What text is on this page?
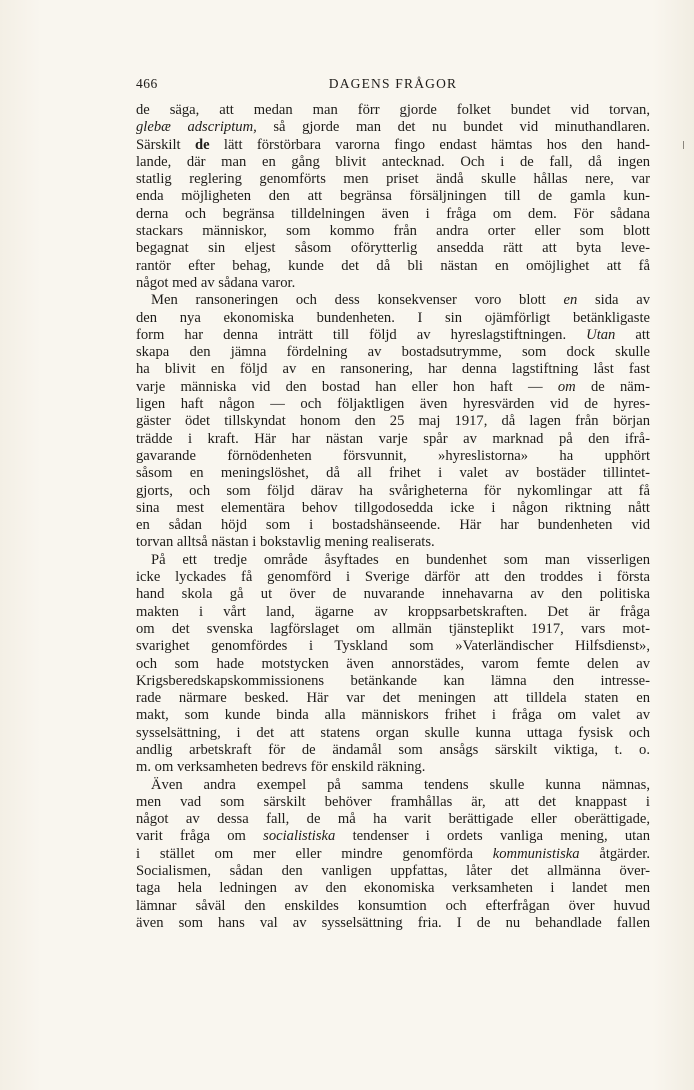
466	DAGENS FRÅGOR
de säga, att medan man förr gjorde folket bundet vid torvan,
glebæ adscriptum, så gjorde man det nu bundet vid minuthandlaren.
Särskilt de lätt förstörbara varorna fingo endast hämtas hos den hand-
lande, där man en gång blivit antecknad. Och i de fall, då ingen
statlig reglering genomförts men priset ändå skulle hållas nere, var
enda möjligheten den att begränsa försäljningen till de gamla kun-
derna och begränsa tilldelningen även i fråga om dem. För sådana
stackars människor, som kommo från andra orter eller som blott
begagnat sin eljest såsom oförytterlig ansedda rätt att byta leve-
rantör efter behag, kunde det då bli nästan en omöjlighet att få
något med av sådana varor.
Men ransoneringen och dess konsekvenser voro blott en sida av
den nya ekonomiska bundenheten. I sin ojämförligt betänkligaste
form har denna inträtt till följd av hyreslagstiftningen. Utan att
skapa den jämna fördelning av bostadsutrymme, som dock skulle
ha blivit en följd av en ransonering, har denna lagstiftning låst fast
varje människa vid den bostad han eller hon haft — om de näm-
ligen haft någon — och följaktligen även hyresvärden vid de hyres-
gäster ödet tillskyndat honom den 25 maj 1917, då lagen från början
trädde i kraft. Här har nästan varje spår av marknad på den ifrå-
gavarande förnödenheten försvunnit, »hyreslistorna» ha upphört
såsom en meningslöshet, då all frihet i valet av bostäder tillintet-
gjorts, och som följd därav ha svårigheterna för nykomlingar att få
sina mest elementära behov tillgodosedda icke i någon riktning nått
en sådan höjd som i bostadshänseende. Här har bundenheten vid
torvan alltså nästan i bokstavlig mening realiserats.
På ett tredje område åsyftades en bundenhet som man visserligen
icke lyckades få genomförd i Sverige därför att den troddes i första
hand skola gå ut över de nuvarande innehavarna av den politiska
makten i vårt land, ägarne av kroppsarbetskraften. Det är fråga
om det svenska lagförslaget om allmän tjänsteplikt 1917, vars mot-
svarighet genomfördes i Tyskland som »Vaterländischer Hilfsdienst»,
och som hade motstycken även annorstädes, varom femte delen av
Krigsberedskapskommissionens betänkande kan lämna den intresse-
rade närmare besked. Här var det meningen att tilldela staten en
makt, som kunde binda alla människors frihet i fråga om valet av
sysselsättning, i det att statens organ skulle kunna uttaga fysisk och
andlig arbetskraft för de ändamål som ansågs särskilt viktiga, t. o.
m. om verksamheten bedrevs för enskild räkning.
Även andra exempel på samma tendens skulle kunna nämnas,
men vad som särskilt behöver framhållas är, att det knappast i
något av dessa fall, de må ha varit berättigade eller oberättigade,
varit fråga om socialistiska tendenser i ordets vanliga mening, utan
i stället om mer eller mindre genomförda kommunistiska åtgärder.
Socialismen, sådan den vanligen uppfattas, låter det allmänna över-
taga hela ledningen av den ekonomiska verksamheten i landet men
lämnar såväl den enskildes konsumtion och efterfrågan över huvud
även som hans val av sysselsättning fria. I de nu behandlade fallen
